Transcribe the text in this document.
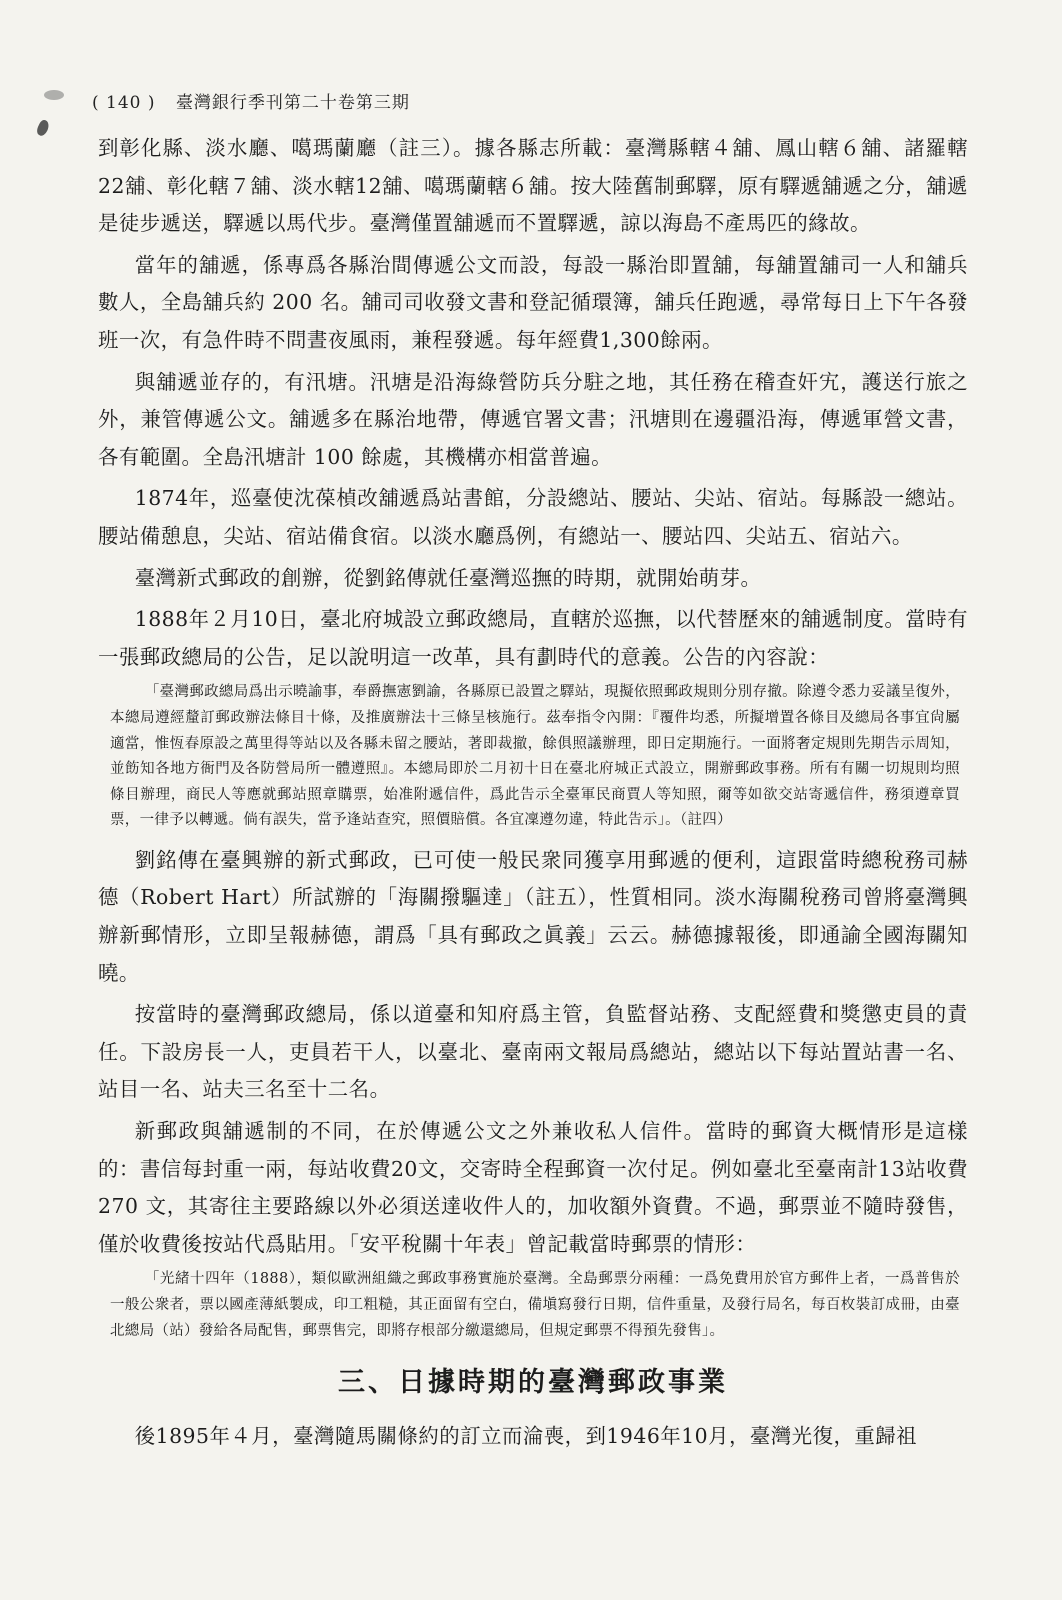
( 140 ) 臺灣銀行季刊第二十卷第三期

到彰化縣、淡水廳、噶瑪蘭廳（註三）。據各縣志所載：臺灣縣轄４舖、鳳山轄６舖、諸羅轄22舖、彰化轄７舖、淡水轄12舖、噶瑪蘭轄６舖。按大陸舊制郵驛，原有驛遞舖遞之分，舖遞是徒步遞送，驛遞以馬代步。臺灣僅置舖遞而不置驛遞，諒以海島不產馬匹的緣故。

當年的舖遞，係專爲各縣治間傳遞公文而設，每設一縣治即置舖，每舖置舖司一人和舖兵數人，全島舖兵約 200 名。舖司司收發文書和登記循環簿，舖兵任跑遞，尋常每日上下午各發班一次，有急件時不問晝夜風雨，兼程發遞。每年經費1,300餘兩。

與舖遞並存的，有汛塘。汛塘是沿海綠營防兵分駐之地，其任務在稽查奸宄，護送行旅之外，兼管傳遞公文。舖遞多在縣治地帶，傳遞官署文書；汛塘則在邊疆沿海，傳遞軍營文書，各有範圍。全島汛塘計 100 餘處，其機構亦相當普遍。

1874年，巡臺使沈葆楨改舖遞爲站書館，分設總站、腰站、尖站、宿站。每縣設一總站。腰站備憩息，尖站、宿站備食宿。以淡水廳爲例，有總站一、腰站四、尖站五、宿站六。

臺灣新式郵政的創辦，從劉銘傳就任臺灣巡撫的時期，就開始萌芽。

1888年２月10日，臺北府城設立郵政總局，直轄於巡撫，以代替歷來的舖遞制度。當時有一張郵政總局的公告，足以說明這一改革，具有劃時代的意義。公告的內容說：

「臺灣郵政總局爲出示曉諭事，奉爵撫憲劉諭，各縣原已設置之驛站，現擬依照郵政規則分別存撤。除遵令悉力妥議呈復外，本總局遵經釐訂郵政辦法條目十條，及推廣辦法十三條呈核施行。茲奉指令內開：『覆件均悉，所擬增置各條目及總局各事宜尙屬適當，惟恆春原設之萬里得等站以及各縣未留之腰站，著即裁撤，餘俱照議辦理，即日定期施行。一面將奢定規則先期告示周知，並飭知各地方衙門及各防營局所一體遵照』。本總局即於二月初十日在臺北府城正式設立，開辦郵政事務。所有有關一切規則均照條目辦理，商民人等應就郵站照章購票，始准附遞信件，爲此告示全臺軍民商賈人等知照，爾等如欲交站寄遞信件，務須遵章買票，一律予以轉遞。倘有誤失，當予逢站查究，照價賠償。各宜凜遵勿違，特此告示」。（註四）

劉銘傳在臺興辦的新式郵政，已可使一般民衆同獲享用郵遞的便利，這跟當時總稅務司赫德（Robert Hart）所試辦的「海關撥驅達」（註五），性質相同。淡水海關稅務司曾將臺灣興辦新郵情形，立即呈報赫德，謂爲「具有郵政之眞義」云云。赫德據報後，即通諭全國海關知曉。

按當時的臺灣郵政總局，係以道臺和知府爲主管，負監督站務、支配經費和獎懲吏員的責任。下設房長一人，吏員若干人，以臺北、臺南兩文報局爲總站，總站以下每站置站書一名、站目一名、站夫三名至十二名。

新郵政與舖遞制的不同，在於傳遞公文之外兼收私人信件。當時的郵資大概情形是這樣的：書信每封重一兩，每站收費20文，交寄時全程郵資一次付足。例如臺北至臺南計13站收費 270 文，其寄往主要路線以外必須送達收件人的，加收額外資費。不過，郵票並不隨時發售，僅於收費後按站代爲貼用。「安平稅關十年表」曾記載當時郵票的情形：

「光緒十四年（1888），類似歐洲組織之郵政事務實施於臺灣。全島郵票分兩種：一爲免費用於官方郵件上者，一爲普售於一般公衆者，票以國產薄紙製成，印工粗糙，其正面留有空白，備塡寫發行日期，信件重量，及發行局名，每百枚裝訂成冊，由臺北總局（站）發給各局配售，郵票售完，即將存根部分繳還總局，但規定郵票不得預先發售」。

三、日據時期的臺灣郵政事業

後1895年４月，臺灣隨馬關條約的訂立而淪喪，到1946年10月，臺灣光復，重歸祖
